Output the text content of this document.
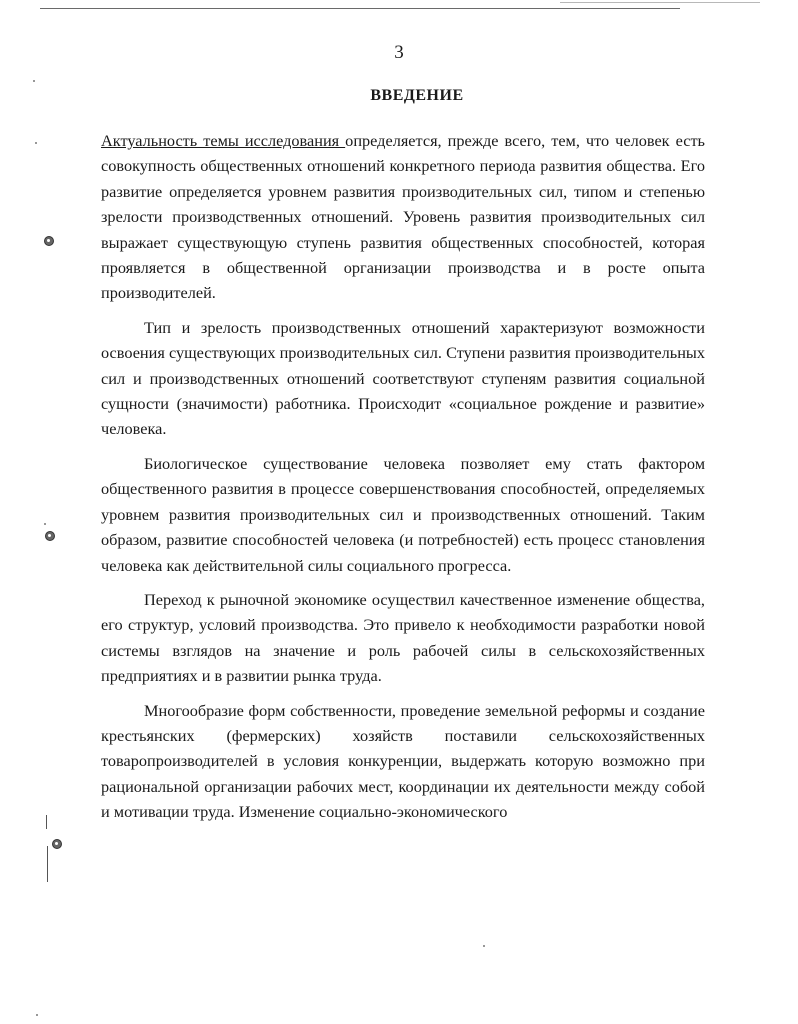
3
ВВЕДЕНИЕ

Актуальность темы исследования определяется, прежде всего, тем, что человек есть совокупность общественных отношений конкретного периода развития общества. Его развитие определяется уровнем развития производительных сил, типом и степенью зрелости производственных отношений. Уровень развития производительных сил выражает существующую ступень развития общественных способностей, которая проявляется в общественной организации производства и в росте опыта производителей.

Тип и зрелость производственных отношений характеризуют возможности освоения существующих производительных сил. Ступени развития производительных сил и производственных отношений соответствуют ступеням развития социальной сущности (значимости) работника. Происходит «социальное рождение и развитие» человека.

Биологическое существование человека позволяет ему стать фактором общественного развития в процессе совершенствования способностей, определяемых уровнем развития производительных сил и производственных отношений. Таким образом, развитие способностей человека (и потребностей) есть процесс становления человека как действительной силы социального прогресса.

Переход к рыночной экономике осуществил качественное изменение общества, его структур, условий производства. Это привело к необходимости разработки новой системы взглядов на значение и роль рабочей силы в сельскохозяйственных предприятиях и в развитии рынка труда.

Многообразие форм собственности, проведение земельной реформы и создание крестьянских (фермерских) хозяйств поставили сельскохозяйственных товаропроизводителей в условия конкуренции, выдержать которую возможно при рациональной организации рабочих мест, координации их деятельности между собой и мотивации труда. Изменение социально-экономического
